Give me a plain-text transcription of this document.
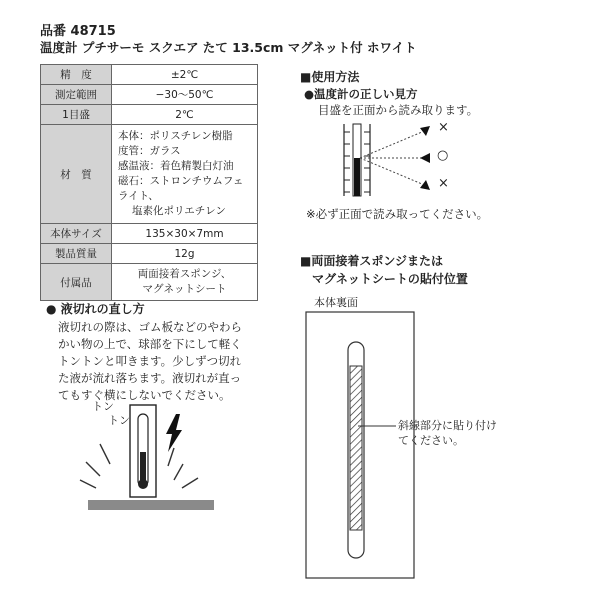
品番 48715
温度計 プチサーモ スクエア たて 13.5cm マグネット付 ホワイト
精　度	±2℃
測定範囲	−30〜50℃
1目盛	2℃
材　質	本体：ポリスチレン樹脂
度管：ガラス
感温液：着色精製白灯油
磁石：ストロンチウムフェライト、
塩素化ポリエチレン

本体サイズ	135×30×7mm
製品質量	12g
付属品	両面接着スポンジ、
マグネットシート
● 液切れの直し方
液切れの際は、ゴム板などのやわら
かい物の上で、球部を下にして軽く
トントンと叩きます。少しずつ切れ
た液が流れ落ちます。液切れが直っ
てもすぐ横にしないでください。
トン
トン
■使用方法
●温度計の正しい見方
目盛を正面から読み取ります。
×
○
×
※必ず正面で読み取ってください。
■両面接着スポンジまたは
マグネットシートの貼付位置
本体裏面
斜線部分に貼り付け
てください。
